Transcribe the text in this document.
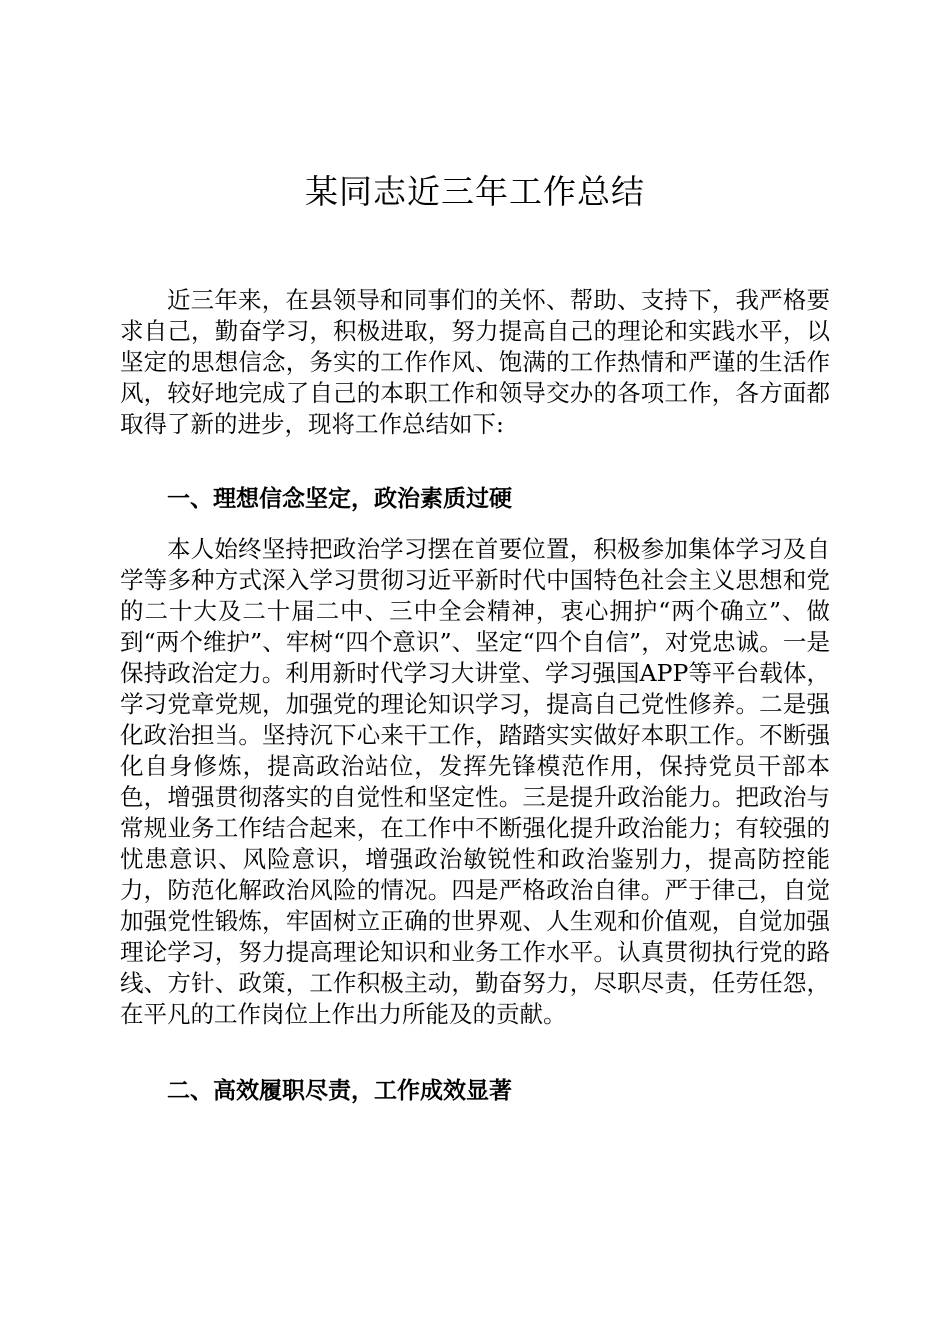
某同志近三年工作总结

近三年来，在县领导和同事们的关怀、帮助、支持下，我严格要求自己，勤奋学习，积极进取，努力提高自己的理论和实践水平，以坚定的思想信念，务实的工作作风、饱满的工作热情和严谨的生活作风，较好地完成了自己的本职工作和领导交办的各项工作，各方面都取得了新的进步，现将工作总结如下:

一、理想信念坚定，政治素质过硬

本人始终坚持把政治学习摆在首要位置，积极参加集体学习及自学等多种方式深入学习贯彻习近平新时代中国特色社会主义思想和党的二十大及二十届二中、三中全会精神，衷心拥护“两个确立”、做到“两个维护”、牢树“四个意识”、坚定“四个自信”，对党忠诚。一是保持政治定力。利用新时代学习大讲堂、学习强国APP等平台载体，学习党章党规，加强党的理论知识学习，提高自己党性修养。二是强化政治担当。坚持沉下心来干工作，踏踏实实做好本职工作。不断强化自身修炼，提高政治站位，发挥先锋模范作用，保持党员干部本色，增强贯彻落实的自觉性和坚定性。三是提升政治能力。把政治与常规业务工作结合起来，在工作中不断强化提升政治能力；有较强的忧患意识、风险意识，增强政治敏锐性和政治鉴别力，提高防控能力，防范化解政治风险的情况。四是严格政治自律。严于律己，自觉加强党性锻炼，牢固树立正确的世界观、人生观和价值观，自觉加强理论学习，努力提高理论知识和业务工作水平。认真贯彻执行党的路线、方针、政策，工作积极主动，勤奋努力，尽职尽责，任劳任怨，在平凡的工作岗位上作出力所能及的贡献。

二、高效履职尽责，工作成效显著
